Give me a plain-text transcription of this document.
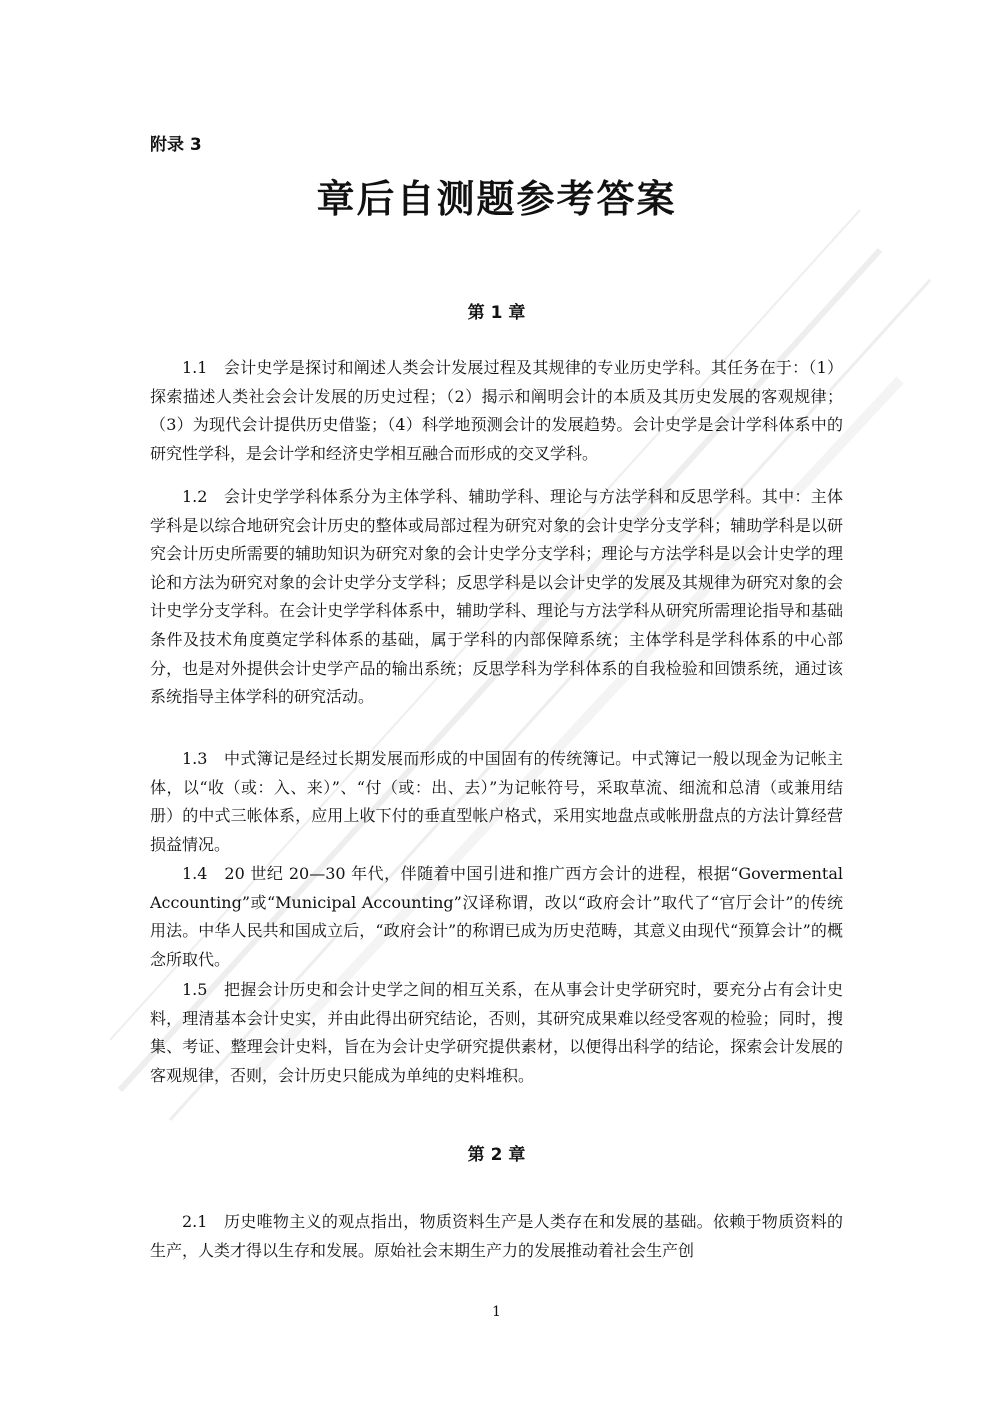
附录 3
章后自测题参考答案
第 1 章

1.1　会计史学是探讨和阐述人类会计发展过程及其规律的专业历史学科。其任务在于：（1）探索描述人类社会会计发展的历史过程；（2）揭示和阐明会计的本质及其历史发展的客观规律；（3）为现代会计提供历史借鉴；（4）科学地预测会计的发展趋势。会计史学是会计学科体系中的研究性学科，是会计学和经济史学相互融合而形成的交叉学科。

1.2　会计史学学科体系分为主体学科、辅助学科、理论与方法学科和反思学科。其中：主体学科是以综合地研究会计历史的整体或局部过程为研究对象的会计史学分支学科；辅助学科是以研究会计历史所需要的辅助知识为研究对象的会计史学分支学科；理论与方法学科是以会计史学的理论和方法为研究对象的会计史学分支学科；反思学科是以会计史学的发展及其规律为研究对象的会计史学分支学科。在会计史学学科体系中，辅助学科、理论与方法学科从研究所需理论指导和基础条件及技术角度奠定学科体系的基础，属于学科的内部保障系统；主体学科是学科体系的中心部分，也是对外提供会计史学产品的输出系统；反思学科为学科体系的自我检验和回馈系统，通过该系统指导主体学科的研究活动。

1.3　中式簿记是经过长期发展而形成的中国固有的传统簿记。中式簿记一般以现金为记帐主体，以“收（或：入、来）”、“付（或：出、去）”为记帐符号，采取草流、细流和总清（或兼用结册）的中式三帐体系，应用上收下付的垂直型帐户格式，采用实地盘点或帐册盘点的方法计算经营损益情况。

1.4　20 世纪 20—30 年代，伴随着中国引进和推广西方会计的进程，根据“Govermental Accounting”或“Municipal Accounting”汉译称谓，改以“政府会计”取代了“官厅会计”的传统用法。中华人民共和国成立后，“政府会计”的称谓已成为历史范畴，其意义由现代“预算会计”的概念所取代。

1.5　把握会计历史和会计史学之间的相互关系，在从事会计史学研究时，要充分占有会计史料，理清基本会计史实，并由此得出研究结论，否则，其研究成果难以经受客观的检验；同时，搜集、考证、整理会计史料，旨在为会计史学研究提供素材，以便得出科学的结论，探索会计发展的客观规律，否则，会计历史只能成为单纯的史料堆积。

第 2 章

2.1　历史唯物主义的观点指出，物质资料生产是人类存在和发展的基础。依赖于物质资料的生产，人类才得以生存和发展。原始社会末期生产力的发展推动着社会生产创

1
